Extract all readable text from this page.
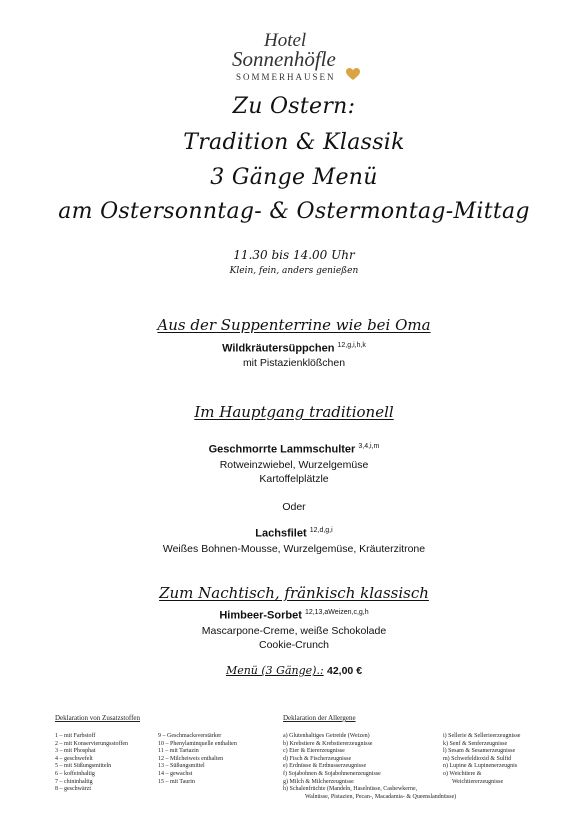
Hotel
Sonnenhöfle
SOMMERHAUSEN
Zu Ostern:
Tradition & Klassik
3 Gänge Menü
am Ostersonntag- & Ostermontag-Mittag
11.30 bis 14.00 Uhr
Klein, fein, anders genießen
Aus der Suppenterrine wie bei Oma
Wildkräutersüppchen $^{12,g,i,h,k}$
mit Pistazienklößchen
Im Hauptgang traditionell
Geschmorrte Lammschulter $^{3,4,i,m}$
Rotweinzwiebel, Wurzelgemüse
Kartoffelplätzle
Oder
Lachsfilet $^{12,d,g,i}$
Weißes Bohnen-Mousse, Wurzelgemüse, Kräuterzitrone
Zum Nachtisch, fränkisch klassisch
Himbeer-Sorbet $^{12,13,aWeizen,c,g,h}$
Mascarpone-Creme, weiße Schokolade
Cookie-Crunch
Menü (3 Gänge).: 42,00 €
Deklaration von Zusatzstoffen
1 – mit Farbstoff
2 – mit Konservierungsstoffen
3 – mit Phosphat
4 – geschwefelt
5 – mit Süßungsmitteln
6 – koffeinhaltig
7 – chininhaltig
8 – geschwärzt
9 – Geschmacksverstärker
10 – Phenylaminquelle enthalten
11 – mit Tartazin
12 – Milcheiweis enthalten
13 – Süßungsmittel
14 – gewachst
15 – mit Taurin
Deklaration der Allergene
a) Glutenhaltiges Getreide (Weizen)
b) Krebstiere & Krebstiererzeugnisse
c) Eier & Eiererzeugnisse
d) Fisch & Fischerzeugnisse
e) Erdnüsse & Erdnusserzeugnisse
f) Sojabohnen & Sojabohnenerzeugnisse
g) Milch & Milcherzeugnisse
h) Schalenfrüchte (Mandeln, Haselnüsse, Cashewkerne,
Walnüsse, Pistazien, Pecan-, Macadamia- & Queenslandnüsse)
i) Sellerie & Sellerieerzeugnisse
k) Senf & Senferzeugnisse
l) Sesam & Sesamerzeugnisse
m) Schwefeldioxid & Sulfid
n) Lupine & Lupinenerzeugnis
o) Weichtiere &
Weichtiererzeugnisse
